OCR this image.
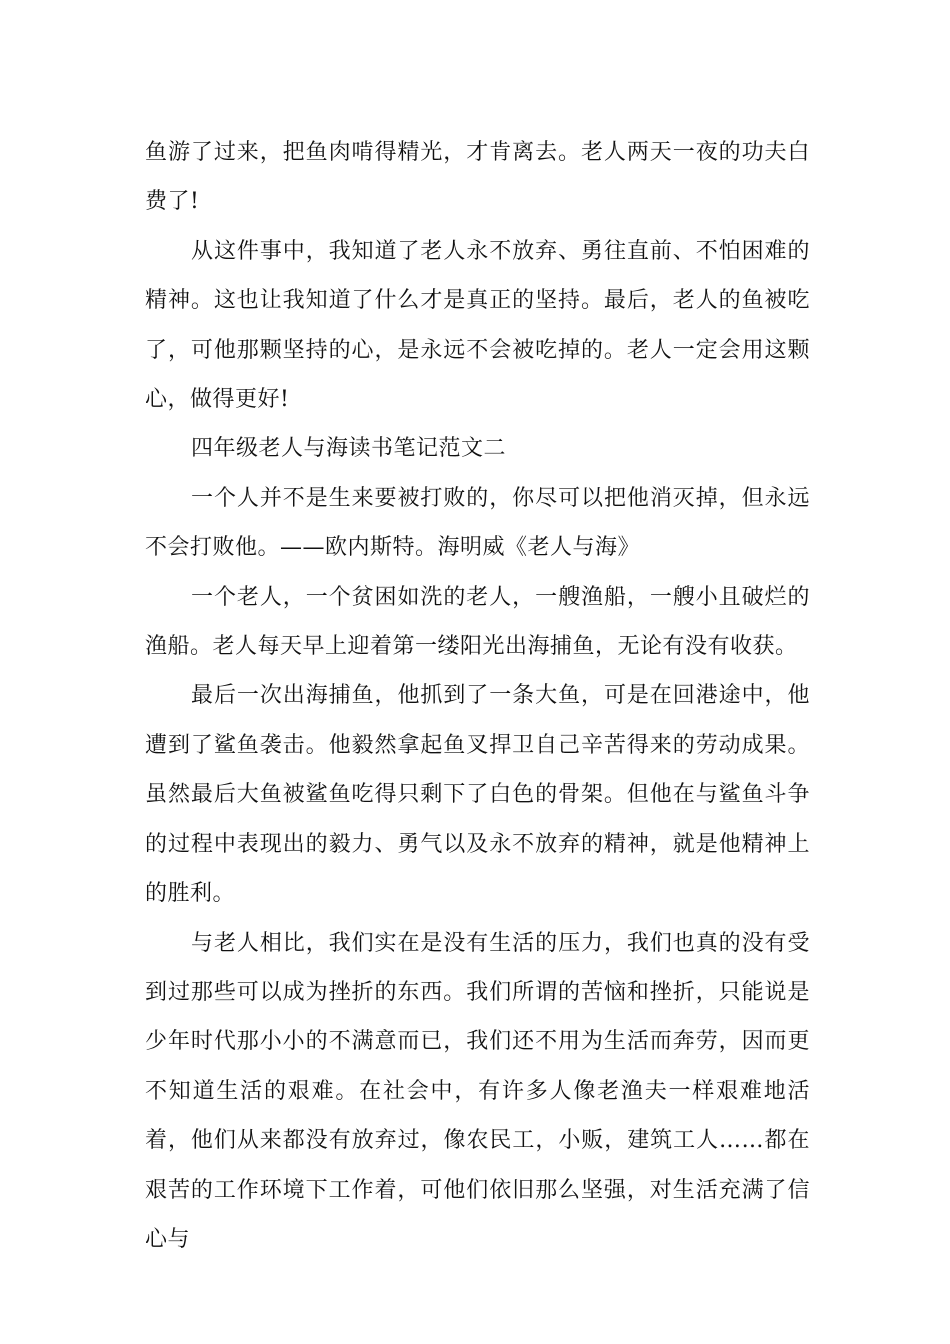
鱼游了过来，把鱼肉啃得精光，才肯离去。老人两天一夜的功夫白费了!

从这件事中，我知道了老人永不放弃、勇往直前、不怕困难的精神。这也让我知道了什么才是真正的坚持。最后，老人的鱼被吃了，可他那颗坚持的心，是永远不会被吃掉的。老人一定会用这颗心，做得更好!

四年级老人与海读书笔记范文二

一个人并不是生来要被打败的，你尽可以把他消灭掉，但永远不会打败他。——欧内斯特。海明威《老人与海》

一个老人，一个贫困如洗的老人，一艘渔船，一艘小且破烂的渔船。老人每天早上迎着第一缕阳光出海捕鱼，无论有没有收获。

最后一次出海捕鱼，他抓到了一条大鱼，可是在回港途中，他遭到了鲨鱼袭击。他毅然拿起鱼叉捍卫自己辛苦得来的劳动成果。虽然最后大鱼被鲨鱼吃得只剩下了白色的骨架。但他在与鲨鱼斗争的过程中表现出的毅力、勇气以及永不放弃的精神，就是他精神上的胜利。

与老人相比，我们实在是没有生活的压力，我们也真的没有受到过那些可以成为挫折的东西。我们所谓的苦恼和挫折，只能说是少年时代那小小的不满意而已，我们还不用为生活而奔劳，因而更不知道生活的艰难。在社会中，有许多人像老渔夫一样艰难地活着，他们从来都没有放弃过，像农民工，小贩，建筑工人……都在艰苦的工作环境下工作着，可他们依旧那么坚强，对生活充满了信心与
